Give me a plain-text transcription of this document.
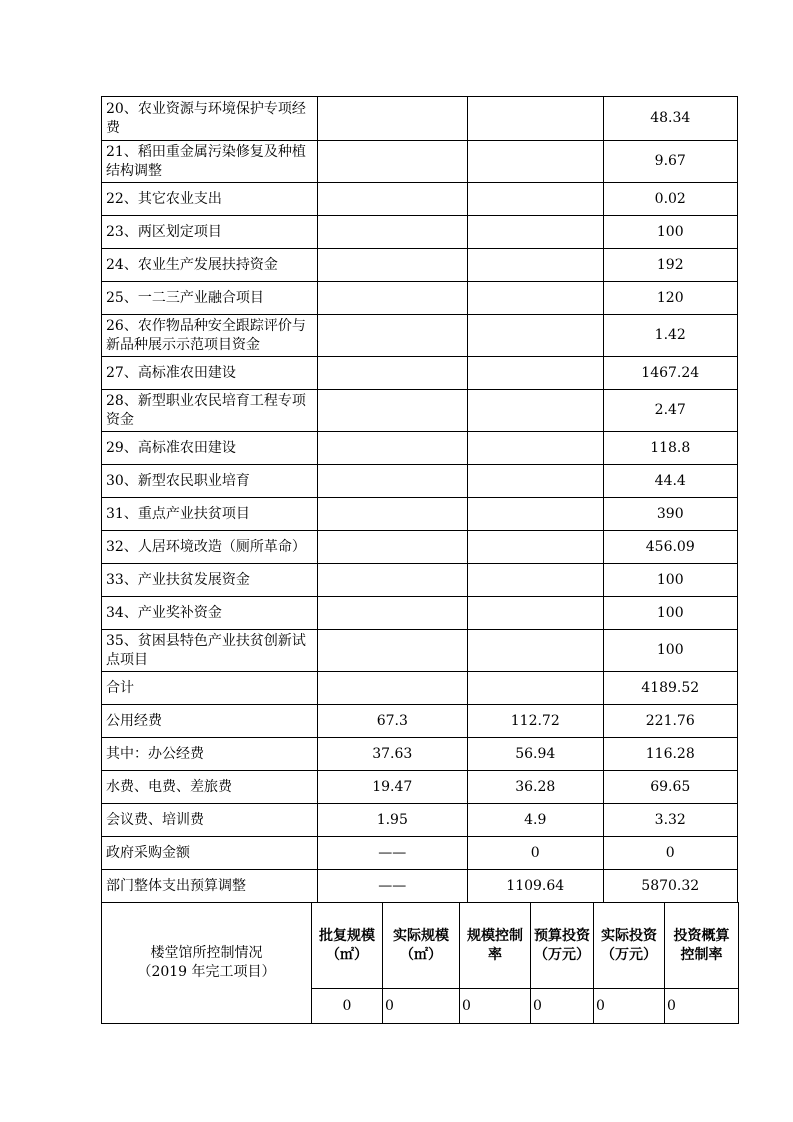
20、农业资源与环境保护专项经费			48.34
21、稻田重金属污染修复及种植结构调整			9.67
22、其它农业支出			0.02
23、两区划定项目			100
24、农业生产发展扶持资金			192
25、一二三产业融合项目			120
26、农作物品种安全跟踪评价与新品种展示示范项目资金			1.42
27、高标准农田建设			1467.24
28、新型职业农民培育工程专项资金			2.47
29、高标准农田建设			118.8
30、新型农民职业培育			44.4
31、重点产业扶贫项目			390
32、人居环境改造（厕所革命）			456.09
33、产业扶贫发展资金			100
34、产业奖补资金			100
35、贫困县特色产业扶贫创新试点项目			100
合计			4189.52
公用经费	67.3	112.72	221.76
其中：办公经费	37.63	56.94	116.28
水费、电费、差旅费	19.47	36.28	69.65
会议费、培训费	1.95	4.9	3.32
政府采购金额	——	0	0
部门整体支出预算调整	——	1109.64	5870.32
楼堂馆所控制情况
（2019 年完工项目）	批复规模（㎡）	实际规模（㎡）	规模控制率	预算投资（万元）	实际投资（万元）	投资概算控制率
	0	0	0	0	0	0
